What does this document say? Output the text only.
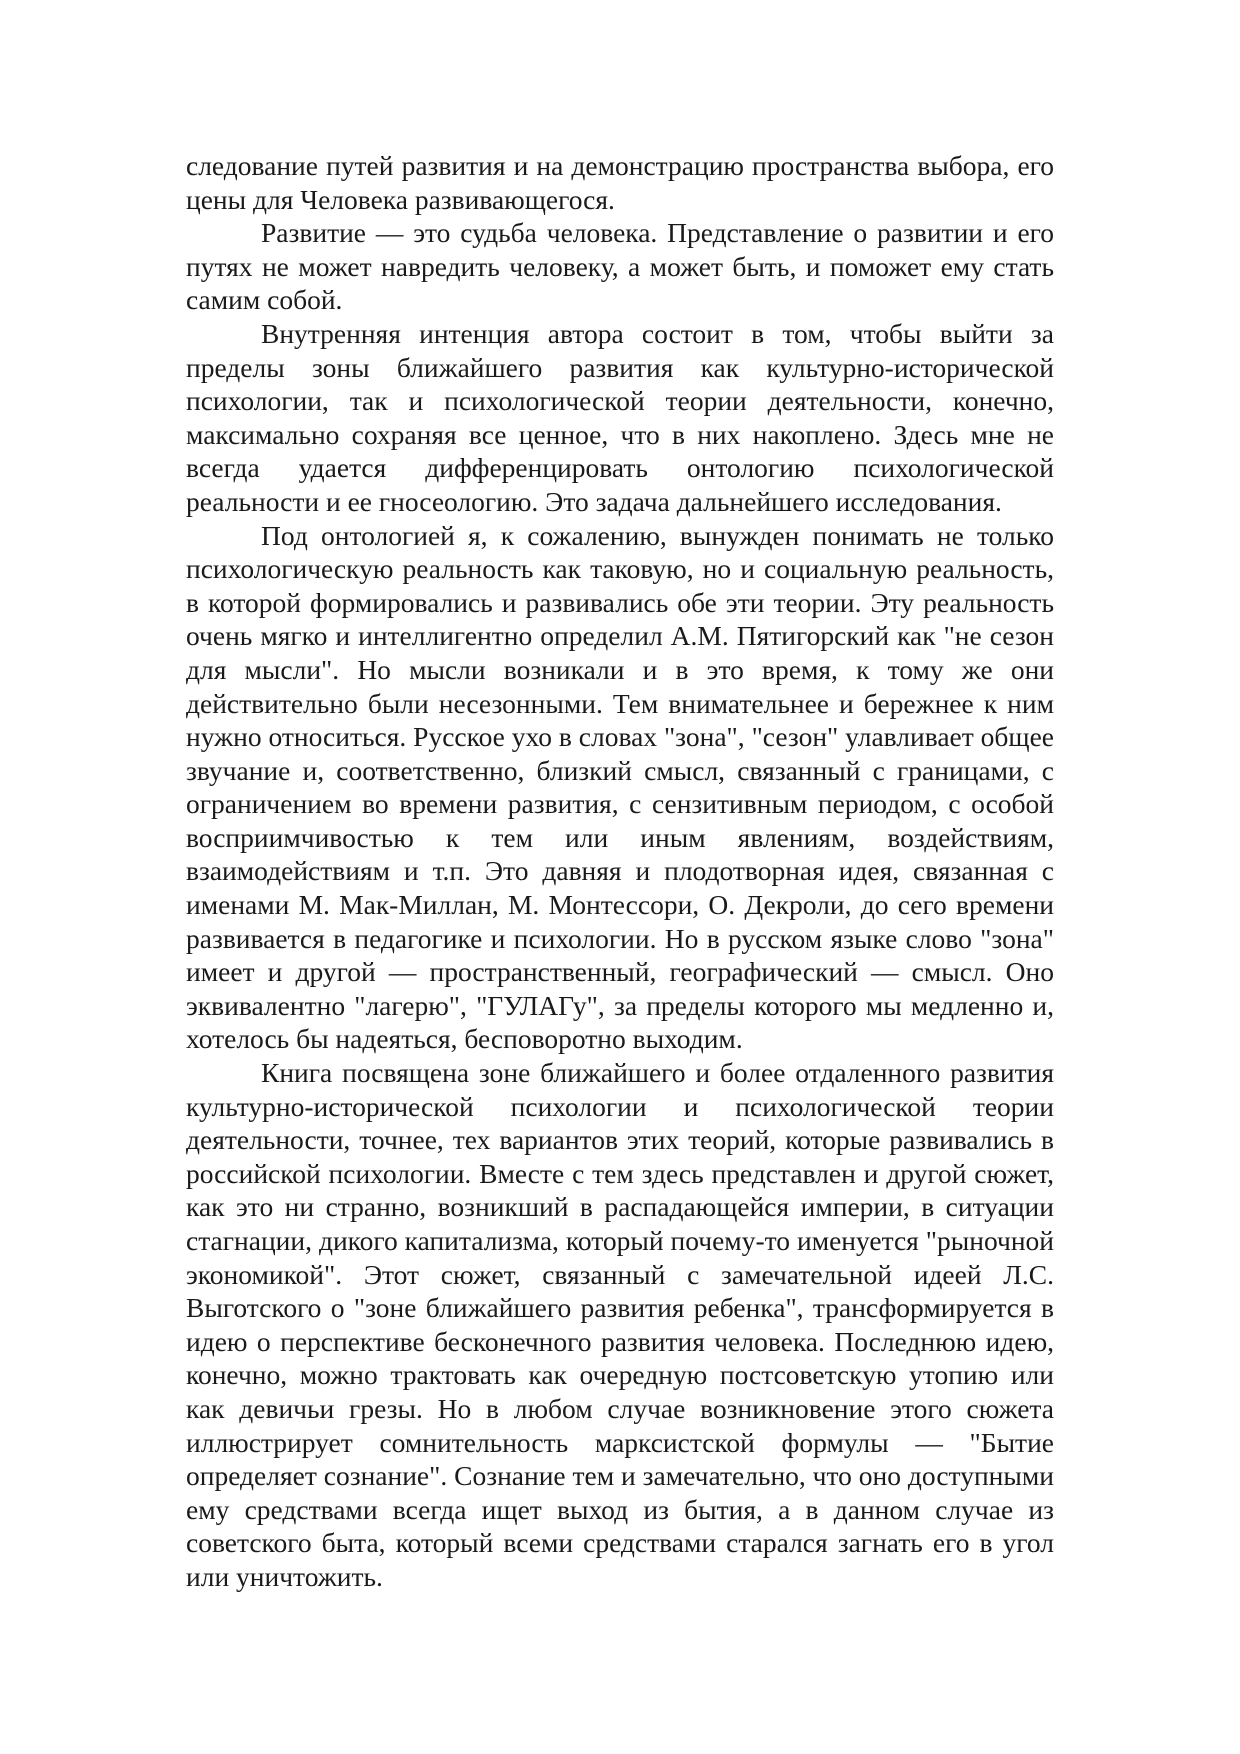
следование путей развития и на демонстрацию пространства выбора, его цены для Человека развивающегося.

Развитие — это судьба человека. Представление о развитии и его путях не может навредить человеку, а может быть, и поможет ему стать самим собой.

Внутренняя интенция автора состоит в том, чтобы выйти за пределы зоны ближайшего развития как культурно-исторической психологии, так и психологической теории деятельности, конечно, максимально сохраняя все ценное, что в них накоплено. Здесь мне не всегда удается дифференцировать онтологию психологической реальности и ее гносеологию. Это задача дальнейшего исследования.

Под онтологией я, к сожалению, вынужден понимать не только психологическую реальность как таковую, но и социальную реальность, в которой формировались и развивались обе эти теории. Эту реальность очень мягко и интеллигентно определил А.М. Пятигорский как "не сезон для мысли". Но мысли возникали и в это время, к тому же они действительно были несезонными. Тем внимательнее и бережнее к ним нужно относиться. Русское ухо в словах "зона", "сезон" улавливает общее звучание и, соответственно, близкий смысл, связанный с границами, с ограничением во времени развития, с сензитивным периодом, с особой восприимчивостью к тем или иным явлениям, воздействиям, взаимодействиям и т.п. Это давняя и плодотворная идея, связанная с именами М. Мак-Миллан, М. Монтессори, О. Декроли, до сего времени развивается в педагогике и психологии. Но в русском языке слово "зона" имеет и другой — пространственный, географический — смысл. Оно эквивалентно "лагерю", "ГУЛАГу", за пределы которого мы медленно и, хотелось бы надеяться, бесповоротно выходим.

Книга посвящена зоне ближайшего и более отдаленного развития культурно-исторической психологии и психологической теории деятельности, точнее, тех вариантов этих теорий, которые развивались в российской психологии. Вместе с тем здесь представлен и другой сюжет, как это ни странно, возникший в распадающейся империи, в ситуации стагнации, дикого капитализма, который почему-то именуется "рыночной экономикой". Этот сюжет, связанный с замечательной идеей Л.С. Выготского о "зоне ближайшего развития ребенка", трансформируется в идею о перспективе бесконечного развития человека. Последнюю идею, конечно, можно трактовать как очередную постсоветскую утопию или как девичьи грезы. Но в любом случае возникновение этого сюжета иллюстрирует сомнительность марксистской формулы — "Бытие определяет сознание". Сознание тем и замечательно, что оно доступными ему средствами всегда ищет выход из бытия, а в данном случае из советского быта, который всеми средствами старался загнать его в угол или уничтожить.
